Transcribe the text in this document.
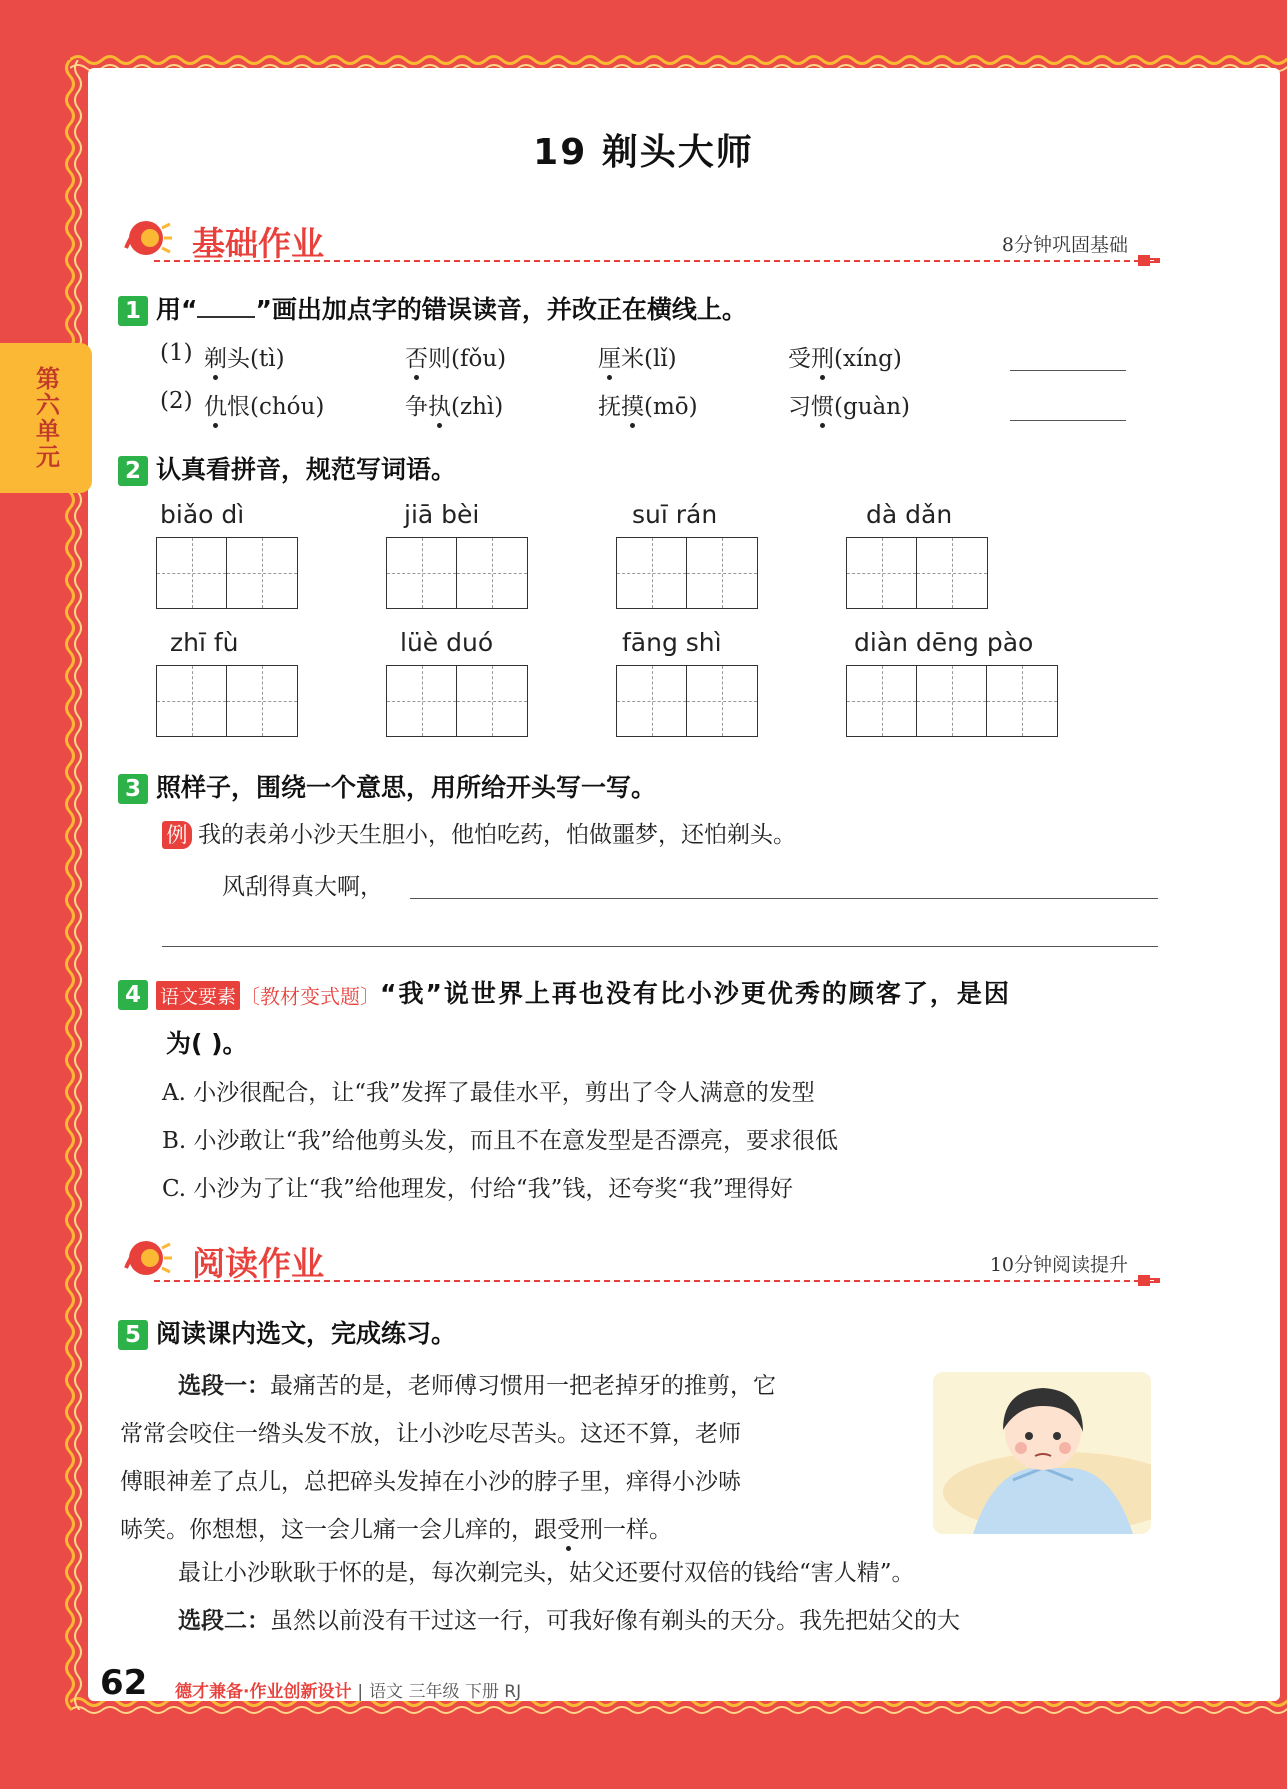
第六单元
19 剃头大师
基础作业	8分钟巩固基础
1 用“ ”画出加点字的错误读音，并改正在横线上。
(1) 剃头(tì)	否则(fǒu)	厘米(lǐ)	受刑(xíng)
(2) 仇恨(chóu)	争执(zhì)	抚摸(mō)	习惯(guàn)
2 认真看拼音，规范写词语。
biǎo dì	jiā bèi	suī rán	dà dǎn
zhī fù	lüè duó	fāng shì	diàn dēng pào
3 照样子，围绕一个意思，用所给开头写一写。
例 我的表弟小沙天生胆小，他怕吃药，怕做噩梦，还怕剃头。
风刮得真大啊，
4 语文要素 〔教材变式题〕“我”说世界上再也没有比小沙更优秀的顾客了，是因
为( )。
A. 小沙很配合，让“我”发挥了最佳水平，剪出了令人满意的发型
B. 小沙敢让“我”给他剪头发，而且不在意发型是否漂亮，要求很低
C. 小沙为了让“我”给他理发，付给“我”钱，还夸奖“我”理得好
阅读作业	10分钟阅读提升
5 阅读课内选文，完成练习。
选段一：最痛苦的是，老师傅习惯用一把老掉牙的推剪，它
常常会咬住一绺头发不放，让小沙吃尽苦头。这还不算，老师
傅眼神差了点儿，总把碎头发掉在小沙的脖子里，痒得小沙哧
哧笑。你想想，这一会儿痛一会儿痒的，跟受刑一样。
最让小沙耿耿于怀的是，每次剃完头，姑父还要付双倍的钱给“害人精”。
选段二：虽然以前没有干过这一行，可我好像有剃头的天分。我先把姑父的大
62 德才兼备·作业创新设计 | 语文 三年级 下册 RJ
